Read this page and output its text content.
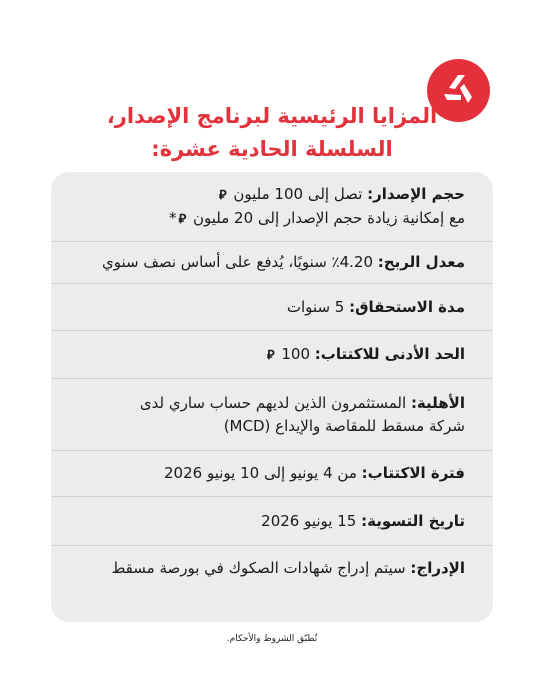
المزايا الرئيسية لبرنامج الإصدار،
السلسلة الحادية عشرة:
حجم الإصدار: تصل إلى 100 مليون ⃁
مع إمكانية زيادة حجم الإصدار إلى 20 مليون ⃁*
معدل الربح: 4.20٪ سنويًا، يُدفع على أساس نصف سنوي
مدة الاستحقاق: 5 سنوات
الحد الأدنى للاكتتاب: 100 ⃁
الأهلية: المستثمرون الذين لديهم حساب ساري لدى
شركة مسقط للمقاصة والإيداع (MCD)
فترة الاكتتاب: من 4 يونيو إلى 10 يونيو 2026
تاريخ التسوية: 15 يونيو 2026
الإدراج: سيتم إدراج شهادات الصكوك في بورصة مسقط
تُطبّق الشروط والأحكام.
